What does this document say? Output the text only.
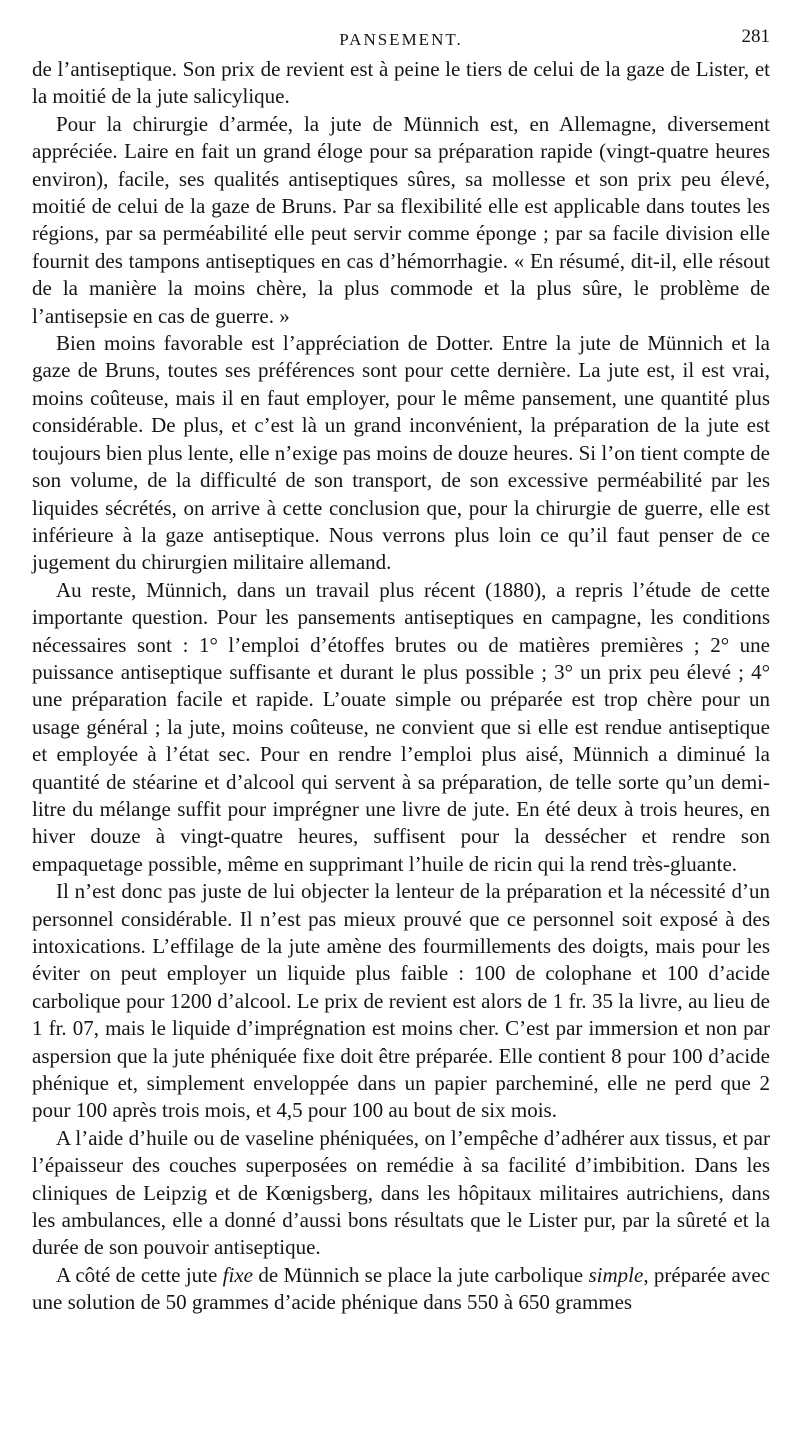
PANSEMENT.	281

de l’antiseptique. Son prix de revient est à peine le tiers de celui de la gaze de Lister, et la moitié de la jute salicylique.

Pour la chirurgie d’armée, la jute de Münnich est, en Allemagne, diversement appréciée. Laire en fait un grand éloge pour sa préparation rapide (vingt-quatre heures environ), facile, ses qualités antiseptiques sûres, sa mollesse et son prix peu élevé, moitié de celui de la gaze de Bruns. Par sa flexibilité elle est applicable dans toutes les régions, par sa perméabilité elle peut servir comme éponge ; par sa facile division elle fournit des tampons antiseptiques en cas d’hémorrhagie. « En résumé, dit-il, elle résout de la manière la moins chère, la plus commode et la plus sûre, le problème de l’antisepsie en cas de guerre. »

Bien moins favorable est l’appréciation de Dotter. Entre la jute de Münnich et la gaze de Bruns, toutes ses préférences sont pour cette dernière. La jute est, il est vrai, moins coûteuse, mais il en faut employer, pour le même pansement, une quantité plus considérable. De plus, et c’est là un grand inconvénient, la préparation de la jute est toujours bien plus lente, elle n’exige pas moins de douze heures. Si l’on tient compte de son volume, de la difficulté de son transport, de son excessive perméabilité par les liquides sécrétés, on arrive à cette conclusion que, pour la chirurgie de guerre, elle est inférieure à la gaze antiseptique. Nous verrons plus loin ce qu’il faut penser de ce jugement du chirurgien militaire allemand.

Au reste, Münnich, dans un travail plus récent (1880), a repris l’étude de cette importante question. Pour les pansements antiseptiques en campagne, les conditions nécessaires sont : 1° l’emploi d’étoffes brutes ou de matières premières ; 2° une puissance antiseptique suffisante et durant le plus possible ; 3° un prix peu élevé ; 4° une préparation facile et rapide. L’ouate simple ou préparée est trop chère pour un usage général ; la jute, moins coûteuse, ne convient que si elle est rendue antiseptique et employée à l’état sec. Pour en rendre l’emploi plus aisé, Münnich a diminué la quantité de stéarine et d’alcool qui servent à sa préparation, de telle sorte qu’un demi-litre du mélange suffit pour imprégner une livre de jute. En été deux à trois heures, en hiver douze à vingt-quatre heures, suffisent pour la dessécher et rendre son empaquetage possible, même en supprimant l’huile de ricin qui la rend très-gluante.

Il n’est donc pas juste de lui objecter la lenteur de la préparation et la nécessité d’un personnel considérable. Il n’est pas mieux prouvé que ce personnel soit exposé à des intoxications. L’effilage de la jute amène des fourmillements des doigts, mais pour les éviter on peut employer un liquide plus faible : 100 de colophane et 100 d’acide carbolique pour 1200 d’alcool. Le prix de revient est alors de 1 fr. 35 la livre, au lieu de 1 fr. 07, mais le liquide d’imprégnation est moins cher. C’est par immersion et non par aspersion que la jute phéniquée fixe doit être préparée. Elle contient 8 pour 100 d’acide phénique et, simplement enveloppée dans un papier parcheminé, elle ne perd que 2 pour 100 après trois mois, et 4,5 pour 100 au bout de six mois.

A l’aide d’huile ou de vaseline phéniquées, on l’empêche d’adhérer aux tissus, et par l’épaisseur des couches superposées on remédie à sa facilité d’imbibition. Dans les cliniques de Leipzig et de Kœnigsberg, dans les hôpitaux militaires autrichiens, dans les ambulances, elle a donné d’aussi bons résultats que le Lister pur, par la sûreté et la durée de son pouvoir antiseptique.

A côté de cette jute fixe de Münnich se place la jute carbolique simple, préparée avec une solution de 50 grammes d’acide phénique dans 550 à 650 grammes
